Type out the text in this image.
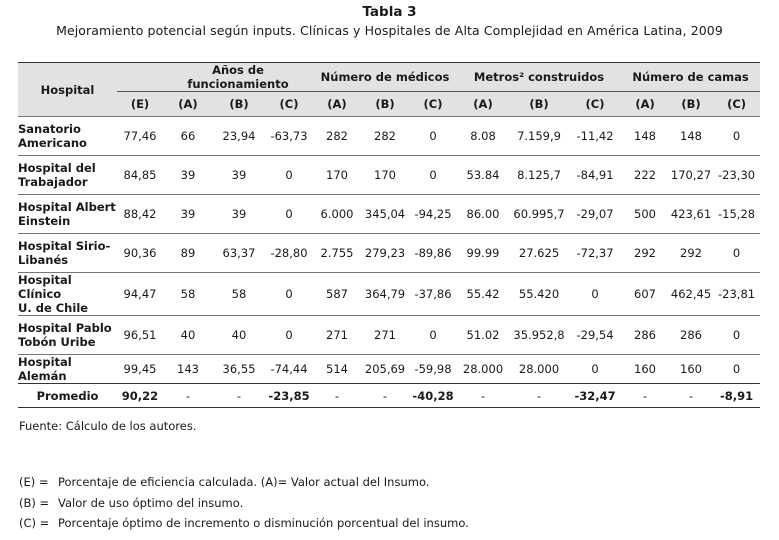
Tabla 3
Mejoramiento potencial según inputs. Clínicas y Hospitales de Alta Complejidad en América Latina, 2009
Hospital		Años de funcionamiento			Número de médicos			Metros² construidos			Número de camas		
	(E)	(A)	(B)	(C)	(A)	(B)	(C)	(A)	(B)	(C)	(A)	(B)	(C)
Sanatorio
Americano	77,46	66	23,94	-63,73	282	282	0	8.08	7.159,9	-11,42	148	148	0
Hospital del
Trabajador	84,85	39	39	0	170	170	0	53.84	8.125,7	-84,91	222	170,27	-23,30
Hospital Albert
Einstein	88,42	39	39	0	6.000	345,04	-94,25	86.00	60.995,7	-29,07	500	423,61	-15,28
Hospital Sirio-
Libanés	90,36	89	63,37	-28,80	2.755	279,23	-89,86	99.99	27.625	-72,37	292	292	0
Hospital Clínico
U. de Chile	94,47	58	58	0	587	364,79	-37,86	55.42	55.420	0	607	462,45	-23,81
Hospital Pablo
Tobón Uribe	96,51	40	40	0	271	271	0	51.02	35.952,8	-29,54	286	286	0
Hospital Alemán	99,45	143	36,55	-74,44	514	205,69	-59,98	28.000	28.000	0	160	160	0
Promedio	90,22	-	-	-23,85	-	-	-40,28	-	-	-32,47	-	-	-8,91
Fuente: Cálculo de los autores.
(E) = Porcentaje de eficiencia calculada. (A)= Valor actual del Insumo.
(B) = Valor de uso óptimo del insumo.
(C) = Porcentaje óptimo de incremento o disminución porcentual del insumo.
